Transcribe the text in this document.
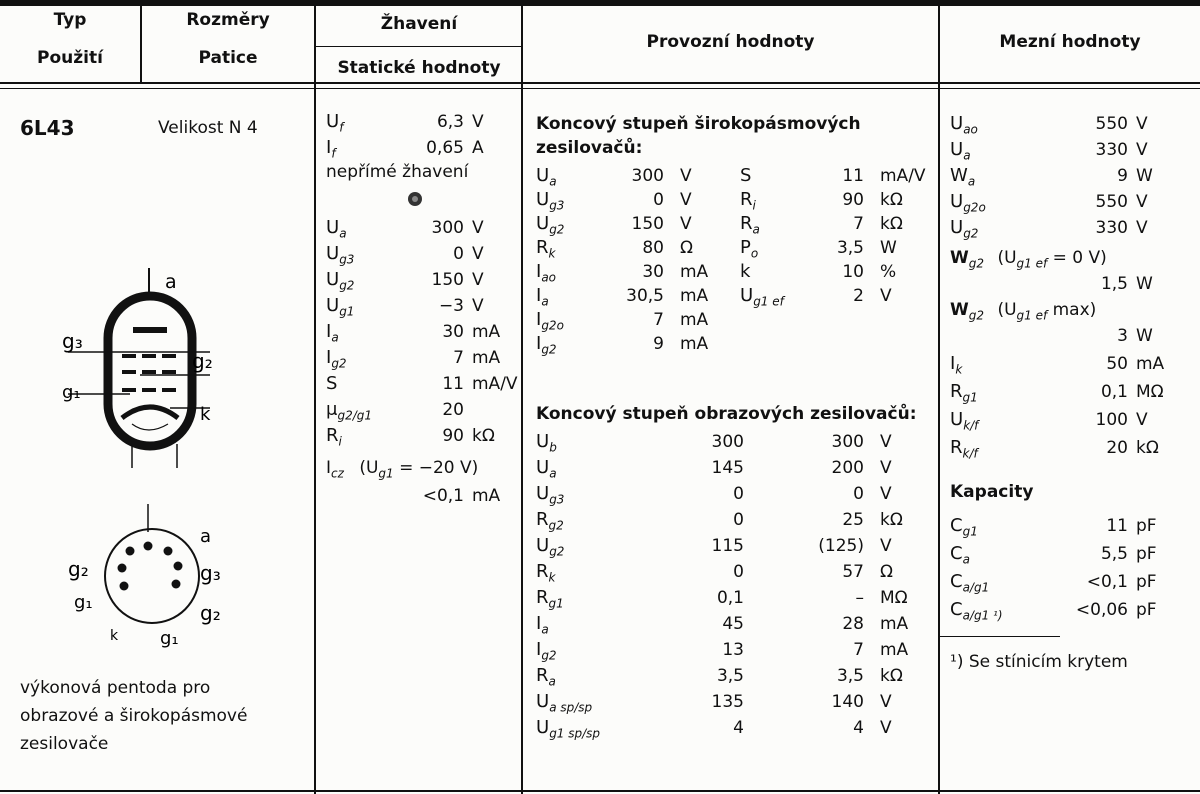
Typ
Použití
Rozměry
Patice
Žhavení
Statické hodnoty
Provozní hodnoty	Mezní hodnoty
6L43	Velikost N 4
a
g₃
g₂
g₁
k
a
g₂	g₃
g₁	g₂
k g₁
výkonová pentoda pro
obrazové a širokopásmové
zesilovače
$U_f$	6,3 V
$I_f$	0,65 A
$U_a$	300 V
$U_{g3}$	0 V
$U_{g2}$	150 V
$U_{g1}$	−3 V
$I_a$	30 mA
$I_{g2}$	7 mA
S	11 mA/V
$\mu_{g2/g1}$	20
$R_i$	90 kΩ
nepřímé žhavení
$I_{cz}$ ($U_{g1} = -20$ V)
<0,1 mA
Koncový stupeň širokopásmových
zesilovačů:
$U_a$	300 V
$U_{g3}$	0 V
$U_{g2}$	150 V
$R_k$	80 Ω
$I_{ao}$	30 mA
$I_a$	30,5 mA
$I_{g2o}$	7 mA
$I_{g2}$	9 mA
S	11 mA/V
$R_i$	90 kΩ
$R_a$	7 kΩ
$P_o$	3,5 W
k	10 %
$U_{g1 ef}$	2 V
Koncový stupeň obrazových zesilovačů:
$U_b$	300	300 V
$U_a$	145	200 V
$U_{g3}$	0	0 V
$R_{g2}$	0	25 kΩ
$U_{g2}$	115	(125) V
$R_k$	0	57 Ω
$R_{g1}$	0,1	– MΩ
$I_a$	45	28 mA
$I_{g2}$	13	7 mA
$R_a$	3,5	3,5 kΩ
$U_{a sp/sp}$	135	140 V
$U_{g1 sp/sp}$	4	4 V
$U_{ao}$	550 V
$U_a$	330 V
$W_a$	9 W
$U_{g2o}$	550 V
$U_{g2}$	330 V
$I_k$	50 mA
$R_{g1}$	0,1 MΩ
$U_{k/f}$	100 V
$R_{k/f}$	20 kΩ
$C_{g1}$	11 pF
$C_a$	5,5 pF
$C_{a/g1}$	<0,1 pF
$C_{a/g1 ^1)}$	<0,06 pF
$W_{g2}$ ($U_{g1 ef} = 0$ V)
1,5 W
$W_{g2}$ ($U_{g1 ef}$ max)
3 W
Kapacity
¹) Se stínicím krytem
